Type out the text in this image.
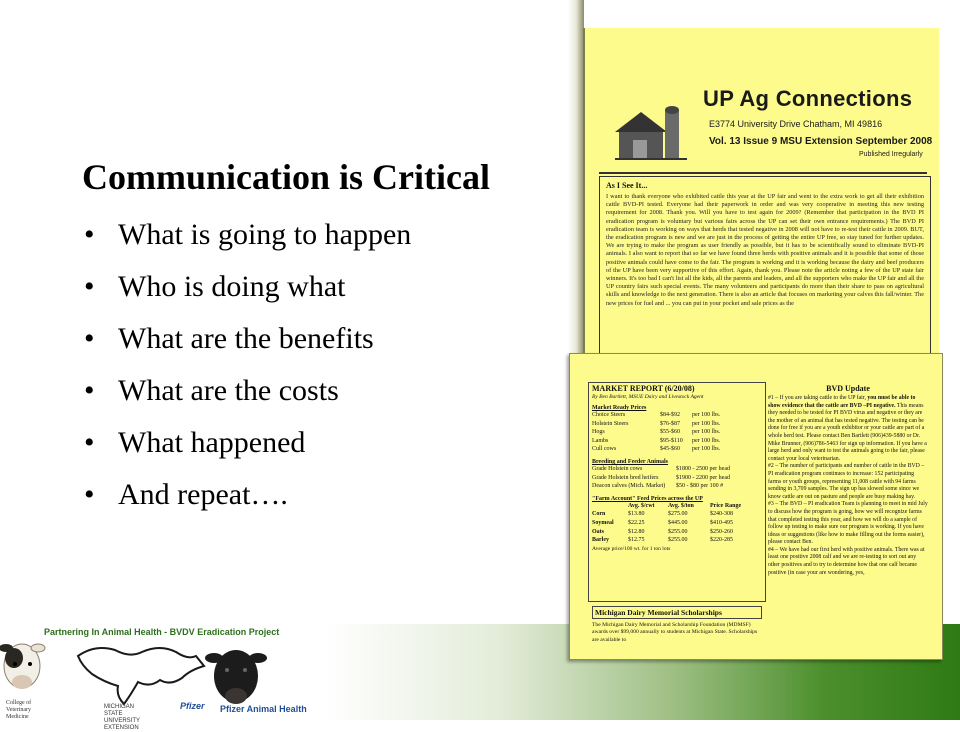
Communication is Critical
• What is going to happen
• Who is doing what
• What are the benefits
• What are the costs
• What happened
• And repeat….
Partnering In Animal Health - BVDV Eradication Project
College of Veterinary Medicine
MICHIGAN STATE UNIVERSITY EXTENSION
Pfizer Pfizer Animal Health
UP Ag Connections
E3774 University Drive Chatham, MI 49816
Vol. 13 Issue 9 MSU Extension September 2008
Published Irregularly
As I See It...
I want to thank everyone who exhibited cattle this year at the UP fair and went to the extra work to get all their exhibition cattle BVD-PI tested. Everyone had their paperwork in order and was very cooperative in meeting this new testing requirement for 2008. Thank you. Will you have to test again for 2009? (Remember that participation in the BVD PI eradication program is voluntary but various fairs across the UP can set their own entrance requirements.) The BVD PI eradication team is working on ways that herds that tested negative in 2008 will not have to re-test their cattle in 2009. BUT, the eradication program is new and we are just in the process of getting the entire UP free, so stay tuned for further updates. We are trying to make the program as user friendly as possible, but it has to be scientifically sound to eliminate BVD-PI animals. I also want to report that so far we have found three herds with positive animals and it is possible that some of those positive animals could have come to the fair. The program is working and it is working because the dairy and beef producers of the UP have been very supportive of this effort. Again, thank you. Please note the article noting a few of the UP state fair winners. It's too bad I can't list all the kids, all the parents and leaders, and all the supporters who make the UP fair and all the UP country fairs such special events. The many volunteers and participants do more than their share to pass on agricultural skills and knowledge to the next generation. There is also an article that focuses on marketing your calves this fall/winter. The new prices for fuel and ... you can put in your pocket and sale prices as the
MARKET REPORT (6/20/08)
By Ben Bartlett, MSUE Dairy and Livestock Agent
Market Ready Prices
Choice Steers	$84-$92	per 100 lbs.
Holstein Steers	$76-$87	per 100 lbs.
Hogs	$55-$60	per 100 lbs.
Lambs	$95-$110	per 100 lbs.
Cull cows	$45-$60	per 100 lbs.
Breeding and Feeder Animals
Grade Holstein cows	$1800 - 2500 per head
Grade Holstein bred heifers	$1900 - 2200 per head
Deacon calves (Mich. Market)	$50 - $80 per 100 #
"Farm Account" Feed Prices across the UP
Avg. $/cwt	Avg. $/ton	Price Range
Corn	$13.80	$275.00	$240-308
Soymeal	$22.25	$445.00	$410-495
Oats	$12.80	$255.00	$250-260
Barley	$12.75	$255.00	$220-285
Average price/100 wt. for 1 ton lots
Michigan Dairy Memorial Scholarships
The Michigan Dairy Memorial and Scholarship Foundation (MDMSF) awards over $99,000 annually to students at Michigan State. Scholarships are available to
BVD Update
#1 – If you are taking cattle to the UP fair, you must be able to show evidence that the cattle are BVD –PI negative. This means they needed to be tested for PI BVD virus and negative or they are the mother of an animal that has tested negative. The testing can be done for free if you are a youth exhibitor or your cattle are part of a whole herd test. Please contact Ben Bartlett (906)439-5880 or Dr. Mike Brunner, (906)786-5463 for sign up information. If you have a large herd and only want to test the animals going to the fair, please contact your local veterinarian.
#2 – The number of participants and number of cattle in the BVD – PI eradication program continues to increase: 152 participating farms or youth groups, representing 11,008 cattle with 94 farms sending in 3,709 samples. The sign up has slowed some since we know cattle are out on pasture and people are busy making hay.
#3 – The BVD – PI eradication Team is planning to meet in mid July to discuss how the program is going, how we will recognize farms that completed testing this year, and how we will do a sample of follow up testing to make sure our program is working. If you have ideas or suggestions (like how to make filling out the forms easier), please contact Ben.
#4 – We have had our first herd with positive animals. There was at least one positive 2008 calf and we are re-testing to sort out any other positives and to try to determine how that one calf became positive (in case your are wondering, yes,
